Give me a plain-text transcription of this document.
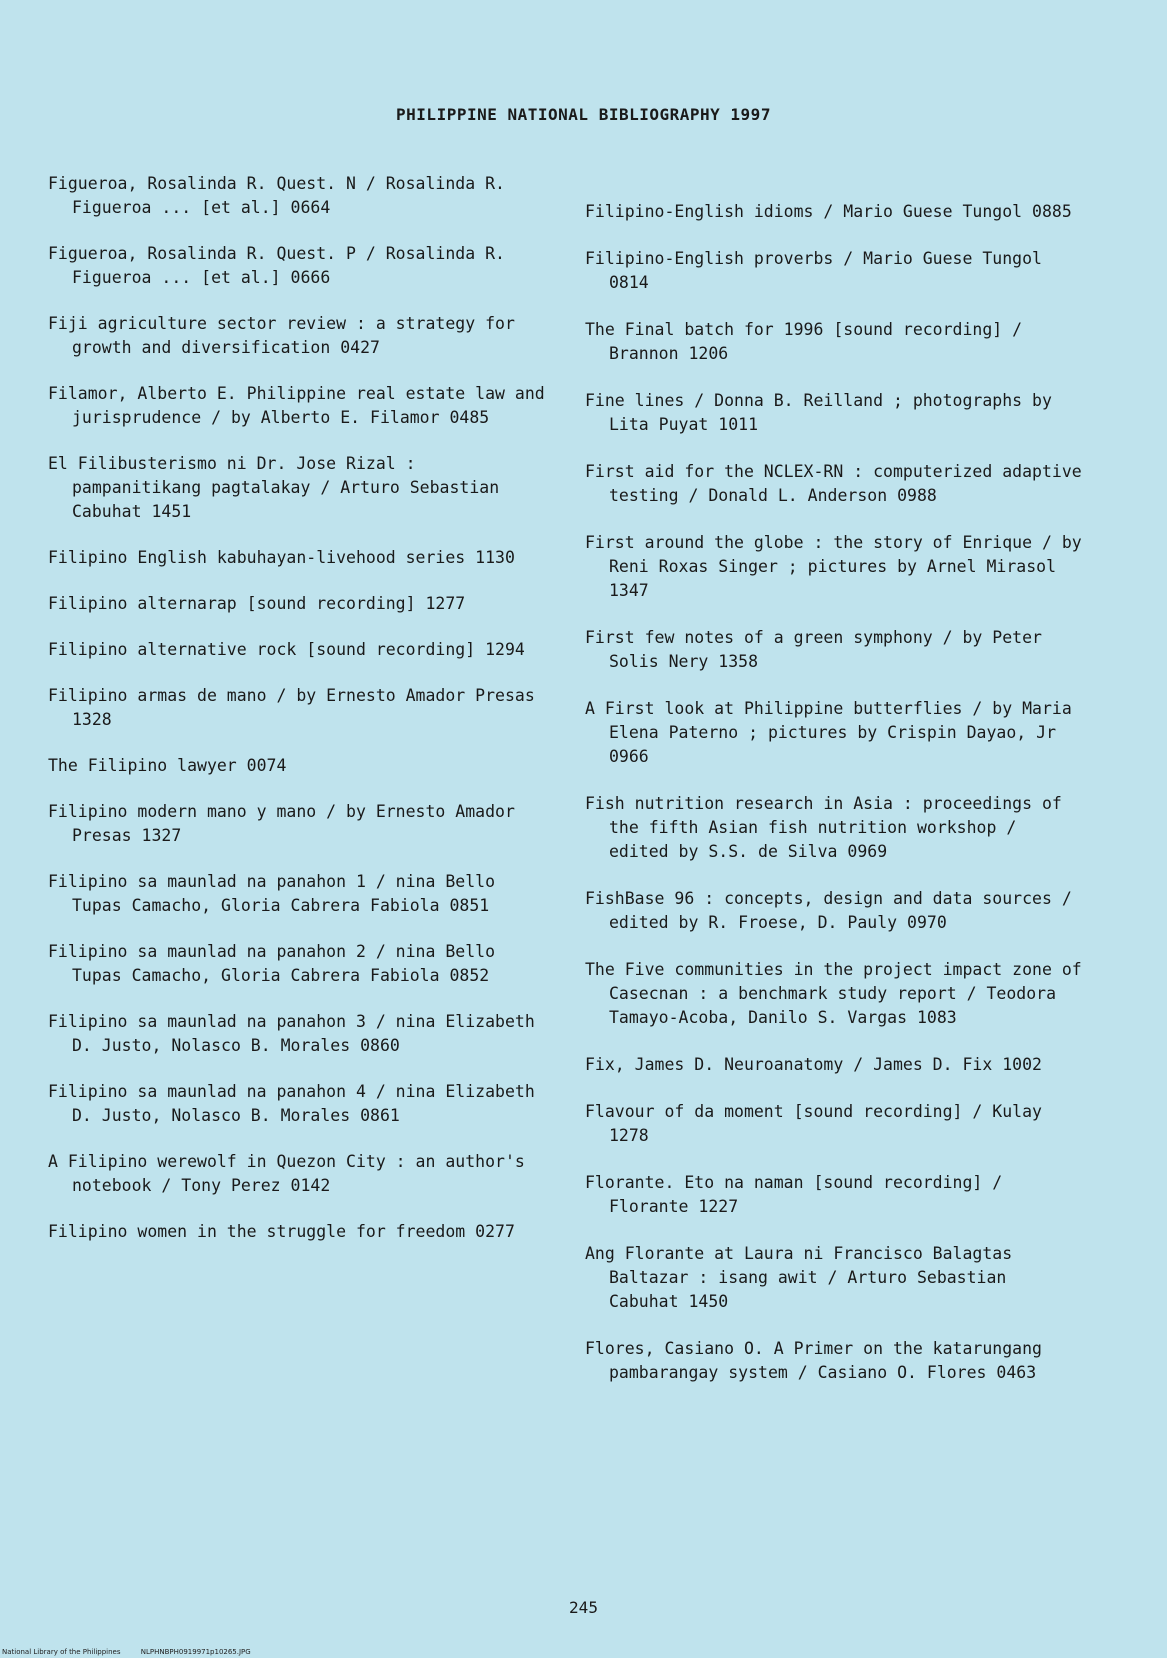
PHILIPPINE NATIONAL BIBLIOGRAPHY 1997
Figueroa, Rosalinda R. Quest. N / Rosalinda R. Figueroa ... [et al.] 0664
Figueroa, Rosalinda R. Quest. P / Rosalinda R. Figueroa ... [et al.] 0666
Fiji agriculture sector review : a strategy for growth and diversification 0427
Filamor, Alberto E. Philippine real estate law and jurisprudence / by Alberto E. Filamor 0485
El Filibusterismo ni Dr. Jose Rizal : pampanitikang pagtalakay / Arturo Sebastian Cabuhat 1451
Filipino English kabuhayan-livehood series 1130
Filipino alternarap [sound recording] 1277
Filipino alternative rock [sound recording] 1294
Filipino armas de mano / by Ernesto Amador Presas 1328
The Filipino lawyer 0074
Filipino modern mano y mano / by Ernesto Amador Presas 1327
Filipino sa maunlad na panahon 1 / nina Bello Tupas Camacho, Gloria Cabrera Fabiola 0851
Filipino sa maunlad na panahon 2 / nina Bello Tupas Camacho, Gloria Cabrera Fabiola 0852
Filipino sa maunlad na panahon 3 / nina Elizabeth D. Justo, Nolasco B. Morales 0860
Filipino sa maunlad na panahon 4 / nina Elizabeth D. Justo, Nolasco B. Morales 0861
A Filipino werewolf in Quezon City : an author's notebook / Tony Perez 0142
Filipino women in the struggle for freedom 0277
Filipino-English idioms / Mario Guese Tungol 0885
Filipino-English proverbs / Mario Guese Tungol 0814
The Final batch for 1996 [sound recording] / Brannon 1206
Fine lines / Donna B. Reilland ; photographs by Lita Puyat 1011
First aid for the NCLEX-RN : computerized adaptive testing / Donald L. Anderson 0988
First around the globe : the story of Enrique / by Reni Roxas Singer ; pictures by Arnel Mirasol 1347
First few notes of a green symphony / by Peter Solis Nery 1358
A First look at Philippine butterflies / by Maria Elena Paterno ; pictures by Crispin Dayao, Jr 0966
Fish nutrition research in Asia : proceedings of the fifth Asian fish nutrition workshop / edited by S.S. de Silva 0969
FishBase 96 : concepts, design and data sources / edited by R. Froese, D. Pauly 0970
The Five communities in the project impact zone of Casecnan : a benchmark study report / Teodora Tamayo-Acoba, Danilo S. Vargas 1083
Fix, James D. Neuroanatomy / James D. Fix 1002
Flavour of da moment [sound recording] / Kulay 1278
Florante. Eto na naman [sound recording] / Florante 1227
Ang Florante at Laura ni Francisco Balagtas Baltazar : isang awit / Arturo Sebastian Cabuhat 1450
Flores, Casiano O. A Primer on the katarungang pambarangay system / Casiano O. Flores 0463
245
National Library of the Philippines	NLPHNBPH0919971p10265.JPG
